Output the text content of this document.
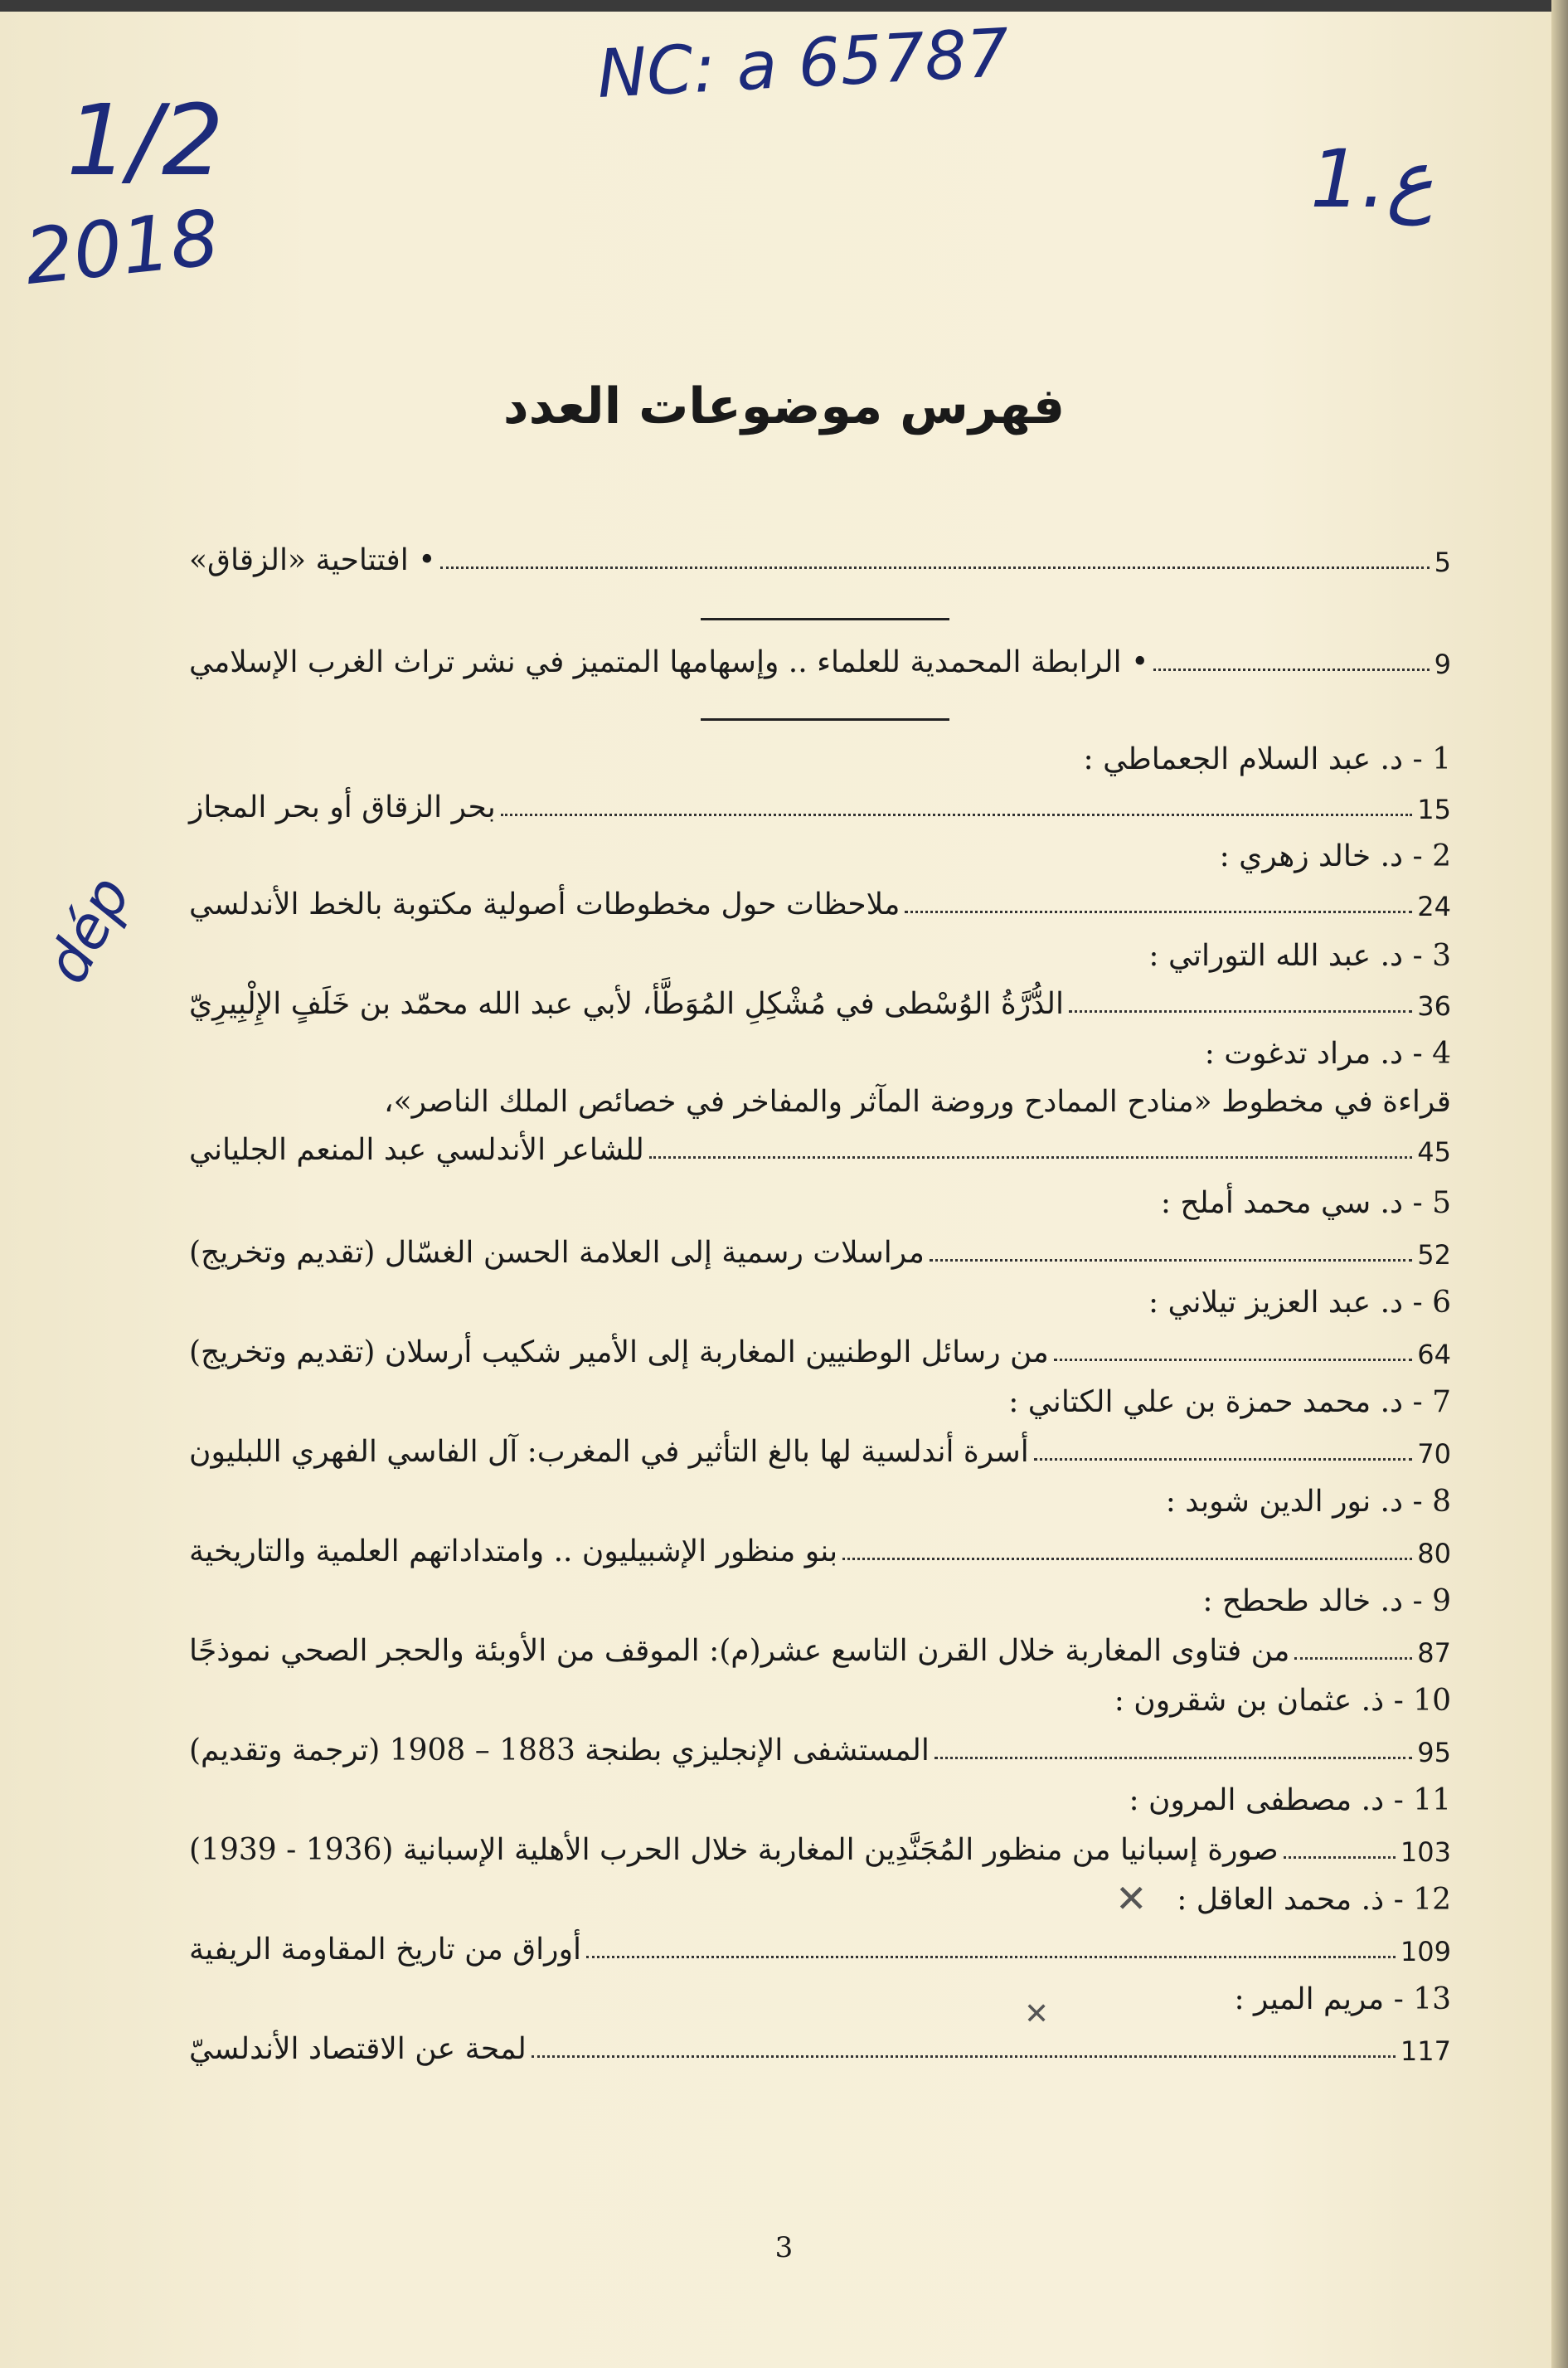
NC: a 65787
1/2
2018
1.ع
dép
فهرس موضوعات العدد
• افتتاحية «الزقاق»	5
• الرابطة المحمدية للعلماء .. وإسهامها المتميز في نشر تراث الغرب الإسلامي	9
1 - د. عبد السلام الجعماطي :
بحر الزقاق أو بحر المجاز	15
2 - د. خالد زهري :
ملاحظات حول مخطوطات أصولية مكتوبة بالخط الأندلسي	24
3 - د. عبد الله التوراتي :
الدُّرَّةُ الوُسْطى في مُشْكِلِ المُوَطَّأ، لأبي عبد الله محمّد بن خَلَفٍ الإِلْبِيرِيّ	36
4 - د. مراد تدغوت :
قراءة في مخطوط «منادح الممادح وروضة المآثر والمفاخر في خصائص الملك الناصر»،
للشاعر الأندلسي عبد المنعم الجلياني	45
5 - د. سي محمد أملح :
مراسلات رسمية إلى العلامة الحسن الغسّال (تقديم وتخريج)	52
6 - د. عبد العزيز تيلاني :
من رسائل الوطنيين المغاربة إلى الأمير شكيب أرسلان (تقديم وتخريج)	64
7 - د. محمد حمزة بن علي الكتاني :
أسرة أندلسية لها بالغ التأثير في المغرب: آل الفاسي الفهري اللبليون	70
8 - د. نور الدين شوبد :
بنو منظور الإشبيليون .. وامتداداتهم العلمية والتاريخية	80
9 - د. خالد طحطح :
من فتاوى المغاربة خلال القرن التاسع عشر(م): الموقف من الأوبئة والحجر الصحي نموذجًا	87
10 - ذ. عثمان بن شقرون :
المستشفى الإنجليزي بطنجة 1883 – 1908 (ترجمة وتقديم)	95
11 - د. مصطفى المرون :
صورة إسبانيا من منظور المُجَنَّدِين المغاربة خلال الحرب الأهلية الإسبانية (1936 - 1939)	103
12 - ذ. محمد العاقل :
✕
أوراق من تاريخ المقاومة الريفية	109
13 - مريم المير :
✕
لمحة عن الاقتصاد الأندلسيّ	117
3
